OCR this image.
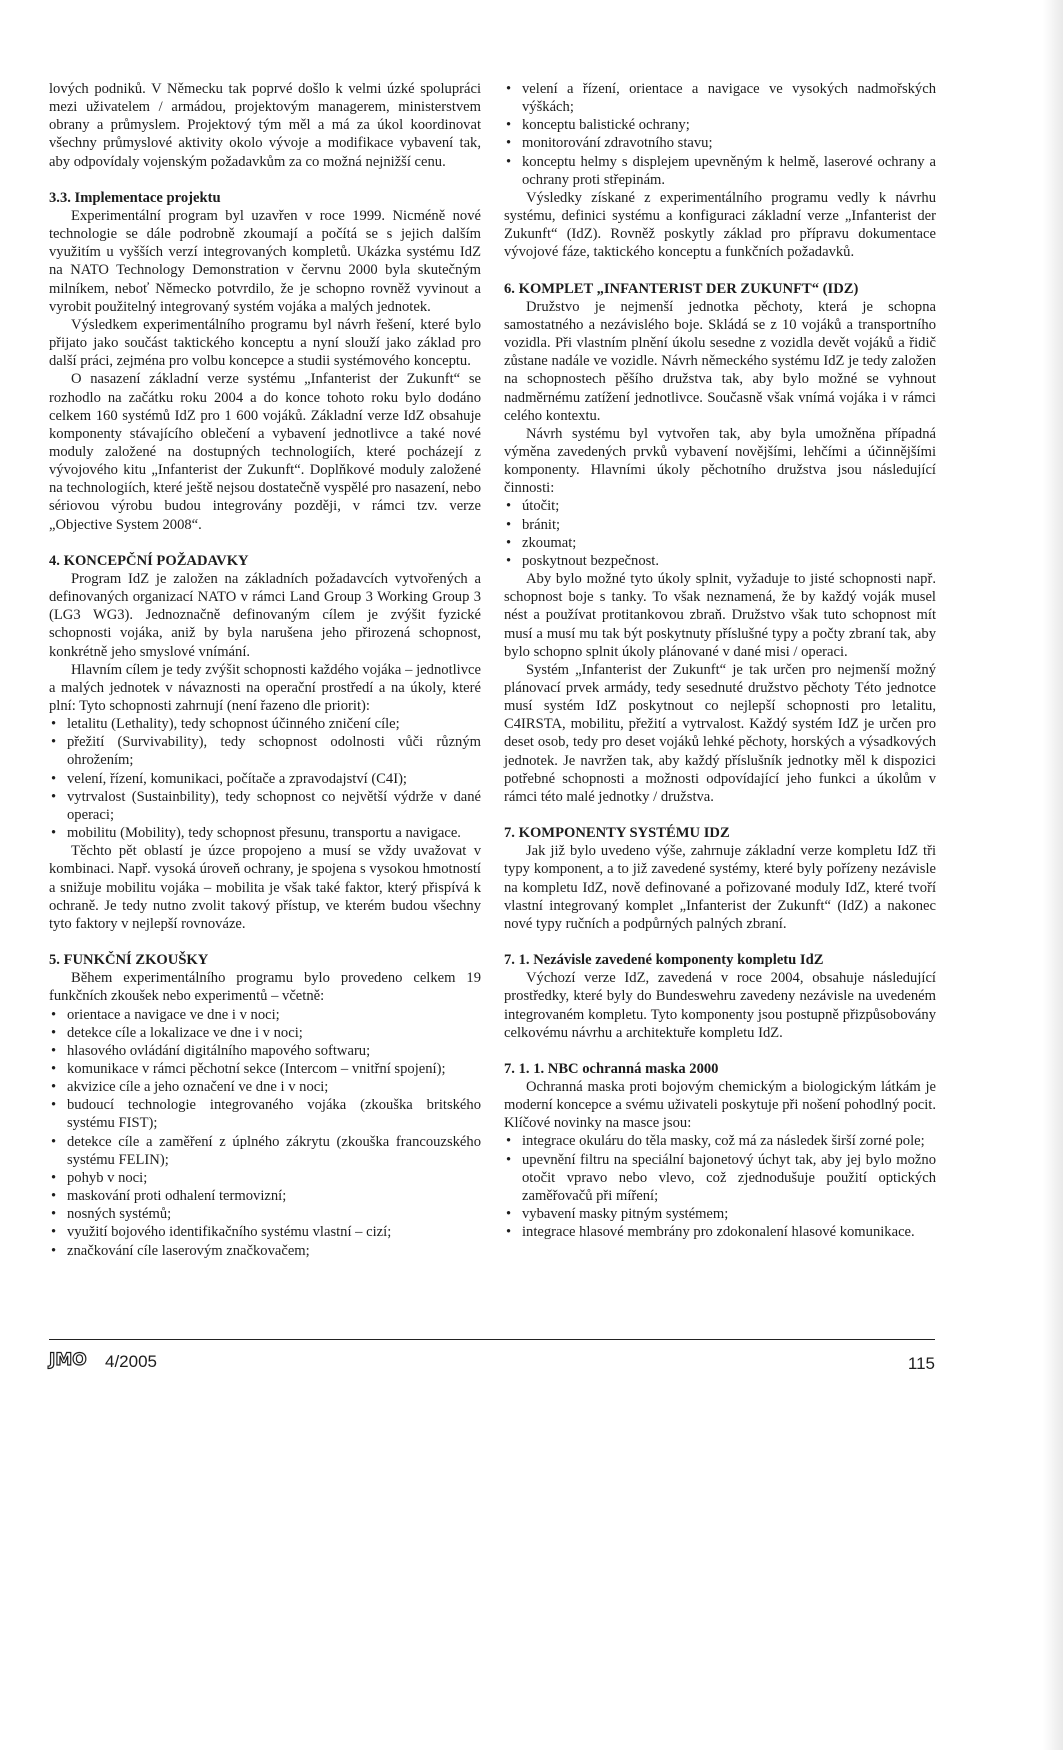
lových podniků. V Německu tak poprvé došlo k velmi úzké spolupráci mezi uživatelem / armádou, projektovým managerem, ministerstvem obrany a průmyslem. Projektový tým měl a má za úkol koordinovat všechny průmyslové aktivity okolo vývoje a modifikace vybavení tak, aby odpovídaly vojenským požadavkům za co možná nejnižší cenu.

3.3. Implementace projektu

Experimentální program byl uzavřen v roce 1999. Nicméně nové technologie se dále podrobně zkoumají a počítá se s jejich dalším využitím u vyšších verzí integrovaných kompletů. Ukázka systému IdZ na NATO Technology Demonstration v červnu 2000 byla skutečným milníkem, neboť Německo potvrdilo, že je schopno rovněž vyvinout a vyrobit použitelný integrovaný systém vojáka a malých jednotek.

Výsledkem experimentálního programu byl návrh řešení, které bylo přijato jako součást taktického konceptu a nyní slouží jako základ pro další práci, zejména pro volbu koncepce a studii systémového konceptu.

O nasazení základní verze systému „Infanterist der Zukunft“ se rozhodlo na začátku roku 2004 a do konce tohoto roku bylo dodáno celkem 160 systémů IdZ pro 1 600 vojáků. Základní verze IdZ obsahuje komponenty stávajícího oblečení a vybavení jednotlivce a také nové moduly založené na dostupných technologiích, které pocházejí z vývojového kitu „Infanterist der Zukunft“. Doplňkové moduly založené na technologiích, které ještě nejsou dostatečně vyspělé pro nasazení, nebo sériovou výrobu budou integrovány později, v rámci tzv. verze „Objective System 2008“.

4. KONCEPČNÍ POŽADAVKY

Program IdZ je založen na základních požadavcích vytvořených a definovaných organizací NATO v rámci Land Group 3 Working Group 3 (LG3 WG3). Jednoznačně definovaným cílem je zvýšit fyzické schopnosti vojáka, aniž by byla narušena jeho přirozená schopnost, konkrétně jeho smyslové vnímání.

Hlavním cílem je tedy zvýšit schopnosti každého vojáka – jednotlivce a malých jednotek v návaznosti na operační prostředí a na úkoly, které plní: Tyto schopnosti zahrnují (není řazeno dle priorit):

• letalitu (Lethality), tedy schopnost účinného zničení cíle;
• přežití (Survivability), tedy schopnost odolnosti vůči různým ohrožením;
• velení, řízení, komunikaci, počítače a zpravodajství (C4I);
• vytrvalost (Sustainbility), tedy schopnost co největší výdrže v dané operaci;
• mobilitu (Mobility), tedy schopnost přesunu, transportu a navigace.

Těchto pět oblastí je úzce propojeno a musí se vždy uvažovat v kombinaci. Např. vysoká úroveň ochrany, je spojena s vysokou hmotností a snižuje mobilitu vojáka – mobilita je však také faktor, který přispívá k ochraně. Je tedy nutno zvolit takový přístup, ve kterém budou všechny tyto faktory v nejlepší rovnováze.

5. FUNKČNÍ ZKOUŠKY

Během experimentálního programu bylo provedeno celkem 19 funkčních zkoušek nebo experimentů – včetně:

• orientace a navigace ve dne i v noci;
• detekce cíle a lokalizace ve dne i v noci;
• hlasového ovládání digitálního mapového softwaru;
• komunikace v rámci pěchotní sekce (Intercom – vnitřní spojení);
• akvizice cíle a jeho označení ve dne i v noci;
• budoucí technologie integrovaného vojáka (zkouška britského systému FIST);
• detekce cíle a zaměření z úplného zákrytu (zkouška francouzského systému FELIN);
• pohyb v noci;
• maskování proti odhalení termovizní;
• nosných systémů;
• využití bojového identifikačního systému vlastní – cizí;
• značkování cíle laserovým značkovačem;
• velení a řízení, orientace a navigace ve vysokých nadmořských výškách;
• konceptu balistické ochrany;
• monitorování zdravotního stavu;
• konceptu helmy s displejem upevněným k helmě, laserové ochrany a ochrany proti střepinám.

Výsledky získané z experimentálního programu vedly k návrhu systému, definici systému a konfiguraci základní verze „Infanterist der Zukunft“ (IdZ). Rovněž poskytly základ pro přípravu dokumentace vývojové fáze, taktického konceptu a funkčních požadavků.

6. KOMPLET „INFANTERIST DER ZUKUNFT“ (IDZ)

Družstvo je nejmenší jednotka pěchoty, která je schopna samostatného a nezávislého boje. Skládá se z 10 vojáků a transportního vozidla. Při vlastním plnění úkolu sesedne z vozidla devět vojáků a řidič zůstane nadále ve vozidle. Návrh německého systému IdZ je tedy založen na schopnostech pěšího družstva tak, aby bylo možné se vyhnout nadměrnému zatížení jednotlivce. Současně však vnímá vojáka i v rámci celého kontextu.

Návrh systému byl vytvořen tak, aby byla umožněna případná výměna zavedených prvků vybavení novějšími, lehčími a účinnějšími komponenty. Hlavními úkoly pěchotního družstva jsou následující činnosti:

• útočit;
• bránit;
• zkoumat;
• poskytnout bezpečnost.

Aby bylo možné tyto úkoly splnit, vyžaduje to jisté schopnosti např. schopnost boje s tanky. To však neznamená, že by každý voják musel nést a používat protitankovou zbraň. Družstvo však tuto schopnost mít musí a musí mu tak být poskytnuty příslušné typy a počty zbraní tak, aby bylo schopno splnit úkoly plánované v dané misi / operaci.

Systém „Infanterist der Zukunft“ je tak určen pro nejmenší možný plánovací prvek armády, tedy sesednuté družstvo pěchoty Této jednotce musí systém IdZ poskytnout co nejlepší schopnosti pro letalitu, C4IRSTA, mobilitu, přežití a vytrvalost. Každý systém IdZ je určen pro deset osob, tedy pro deset vojáků lehké pěchoty, horských a výsadkových jednotek. Je navržen tak, aby každý příslušník jednotky měl k dispozici potřebné schopnosti a možnosti odpovídající jeho funkci a úkolům v rámci této malé jednotky / družstva.

7. KOMPONENTY SYSTÉMU IDZ

Jak již bylo uvedeno výše, zahrnuje základní verze kompletu IdZ tři typy komponent, a to již zavedené systémy, které byly pořízeny nezávisle na kompletu IdZ, nově definované a pořizované moduly IdZ, které tvoří vlastní integrovaný komplet „Infanterist der Zukunft“ (IdZ) a nakonec nové typy ručních a podpůrných palných zbraní.

7. 1. Nezávisle zavedené komponenty kompletu IdZ

Výchozí verze IdZ, zavedená v roce 2004, obsahuje následující prostředky, které byly do Bundeswehru zavedeny nezávisle na uvedeném integrovaném kompletu. Tyto komponenty jsou postupně přizpůsobovány celkovému návrhu a architektuře kompletu IdZ.

7. 1. 1. NBC ochranná maska 2000

Ochranná maska proti bojovým chemickým a biologickým látkám je moderní koncepce a svému uživateli poskytuje při nošení pohodlný pocit. Klíčové novinky na masce jsou:

• integrace okuláru do těla masky, což má za následek širší zorné pole;
• upevnění filtru na speciální bajonetový úchyt tak, aby jej bylo možno otočit vpravo nebo vlevo, což zjednodušuje použití optických zaměřovačů při míření;
• vybavení masky pitným systémem;
• integrace hlasové membrány pro zdokonalení hlasové komunikace.
JMO 4/2005	115
